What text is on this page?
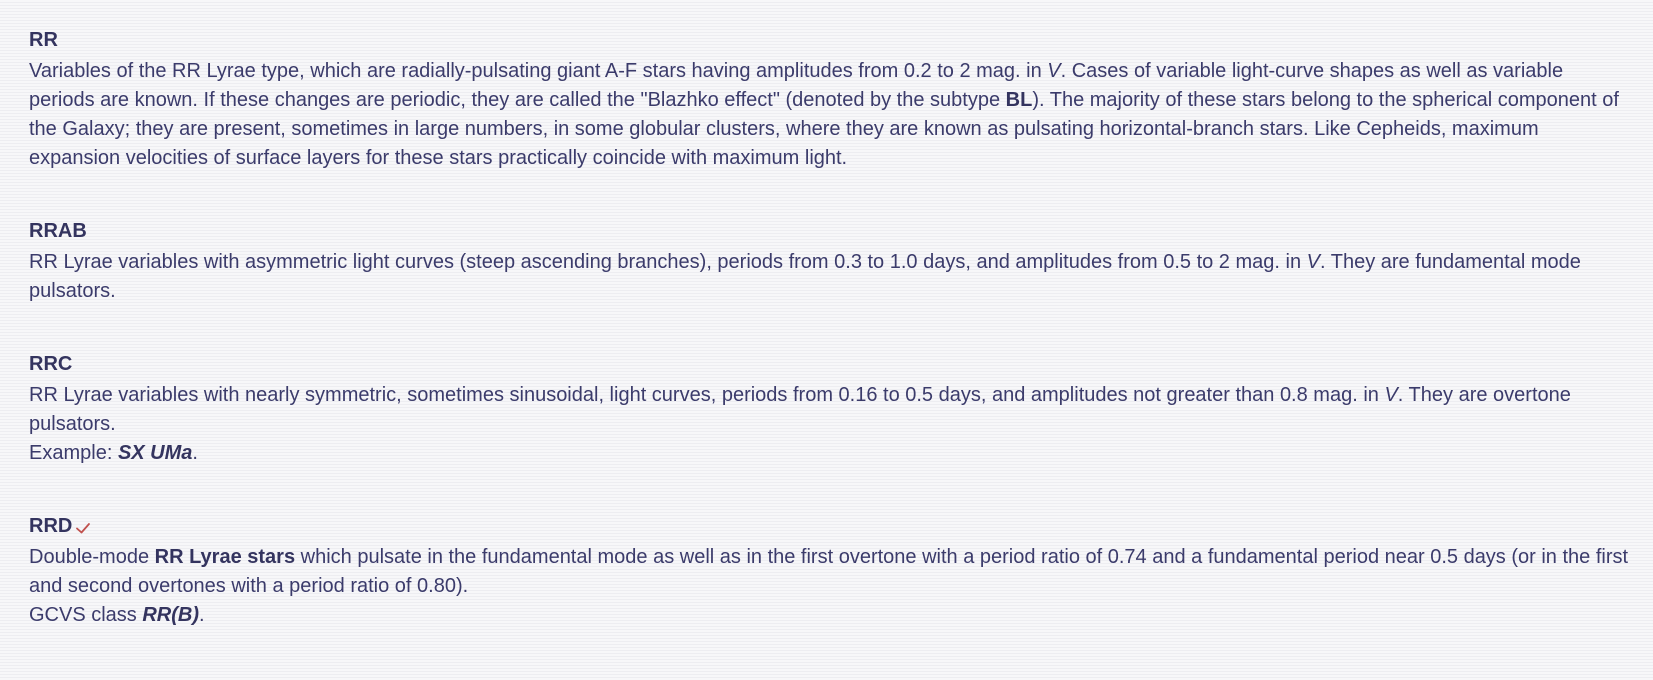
RR

Variables of the RR Lyrae type, which are radially-pulsating giant A-F stars having amplitudes from 0.2 to 2 mag. in V. Cases of variable light-curve shapes as well as variable periods are known. If these changes are periodic, they are called the "Blazhko effect" (denoted by the subtype BL). The majority of these stars belong to the spherical component of the Galaxy; they are present, sometimes in large numbers, in some globular clusters, where they are known as pulsating horizontal-branch stars. Like Cepheids, maximum expansion velocities of surface layers for these stars practically coincide with maximum light.

RRAB

RR Lyrae variables with asymmetric light curves (steep ascending branches), periods from 0.3 to 1.0 days, and amplitudes from 0.5 to 2 mag. in V. They are fundamental mode pulsators.

RRC

RR Lyrae variables with nearly symmetric, sometimes sinusoidal, light curves, periods from 0.16 to 0.5 days, and amplitudes not greater than 0.8 mag. in V. They are overtone pulsators.
Example: SX UMa.

RRD

Double-mode RR Lyrae stars which pulsate in the fundamental mode as well as in the first overtone with a period ratio of 0.74 and a fundamental period near 0.5 days (or in the first and second overtones with a period ratio of 0.80).
GCVS class RR(B).
